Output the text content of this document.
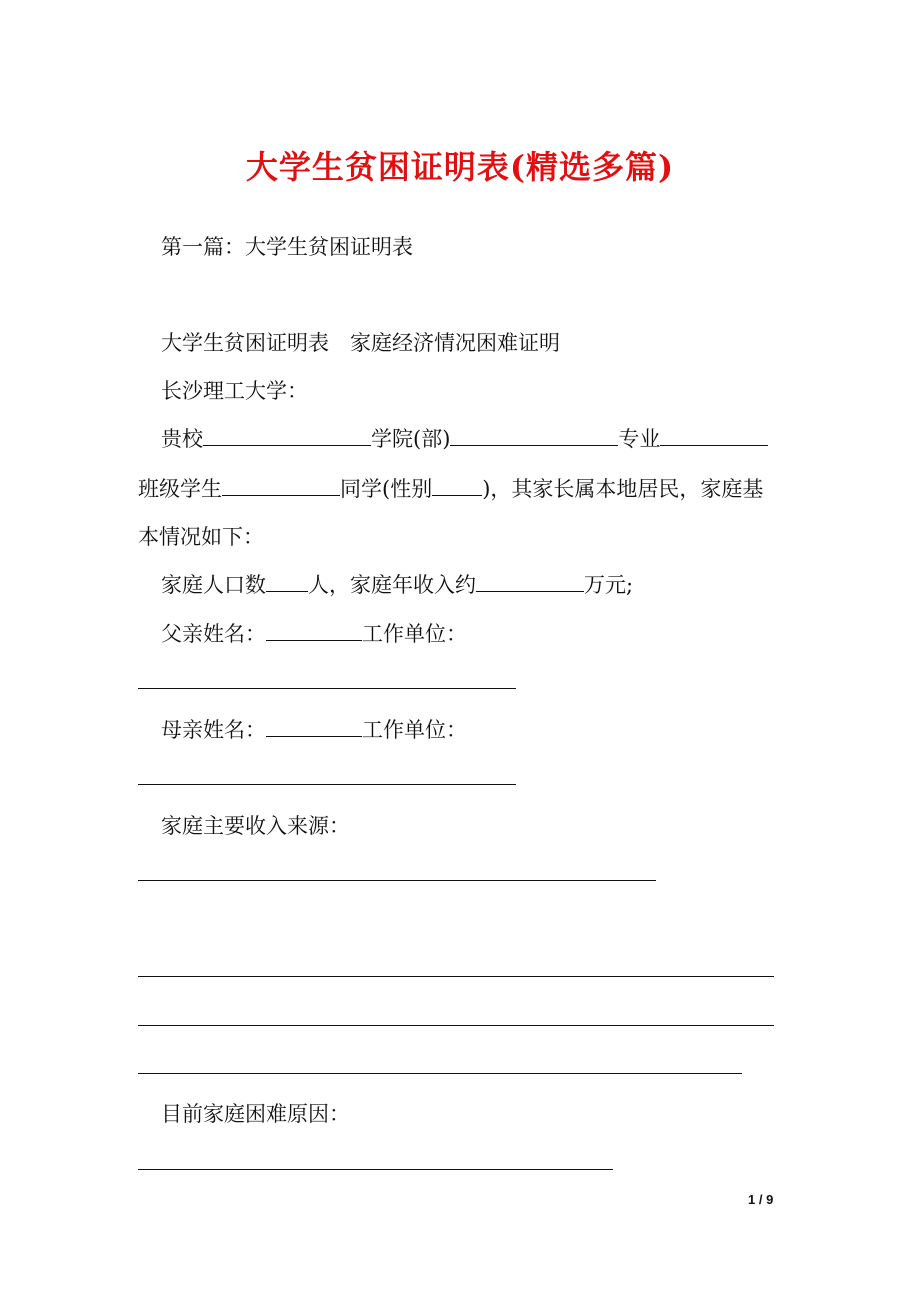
大学生贫困证明表(精选多篇)
第一篇：大学生贫困证明表
大学生贫困证明表　家庭经济情况困难证明
长沙理工大学：
贵校	学院(部)	专业
班级学生	同学(性别 )，其家长属本地居民，家庭基
本情况如下：
家庭人口数 人，家庭年收入约	万元;
父亲姓名：	工作单位：
母亲姓名：	工作单位：
家庭主要收入来源：
目前家庭困难原因：
1 / 9
